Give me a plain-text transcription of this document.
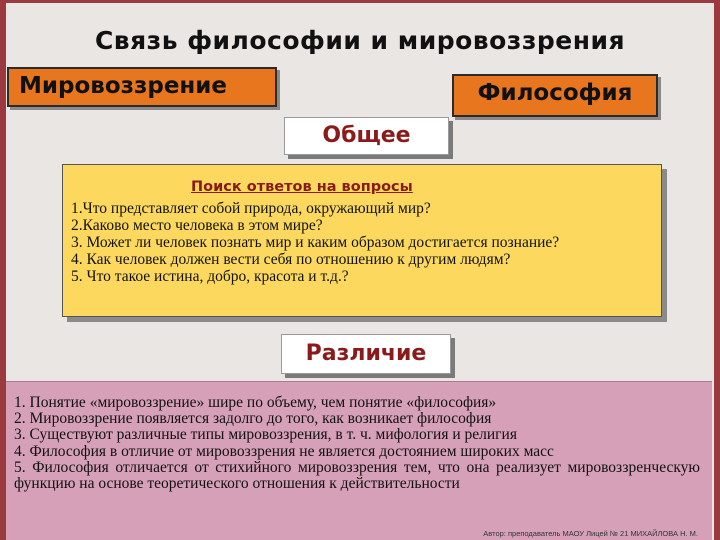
Связь философии и мировоззрения
Мировоззрение	Философия
Общее
Поиск ответов на вопросы
1.Что представляет собой природа, окружающий мир?
2.Каково место человека в этом мире?
3. Может ли человек познать мир и каким образом достигается познание?
4. Как человек должен вести себя по отношению к другим людям?
5. Что такое истина, добро, красота и т.д.?
Различие
1. Понятие «мировоззрение» шире по объему, чем понятие «философия»
2. Мировоззрение появляется задолго до того, как возникает философия
3. Существуют различные типы мировоззрения, в т. ч. мифология и религия
4. Философия в отличие от мировоззрения не является достоянием широких масс
5. Философия отличается от стихийного мировоззрения тем, что она реализует мировоззренческую функцию на основе теоретического отношения к действительности
Автор: преподаватель МАОУ Лицей № 21 МИХАЙЛОВА Н. М.
